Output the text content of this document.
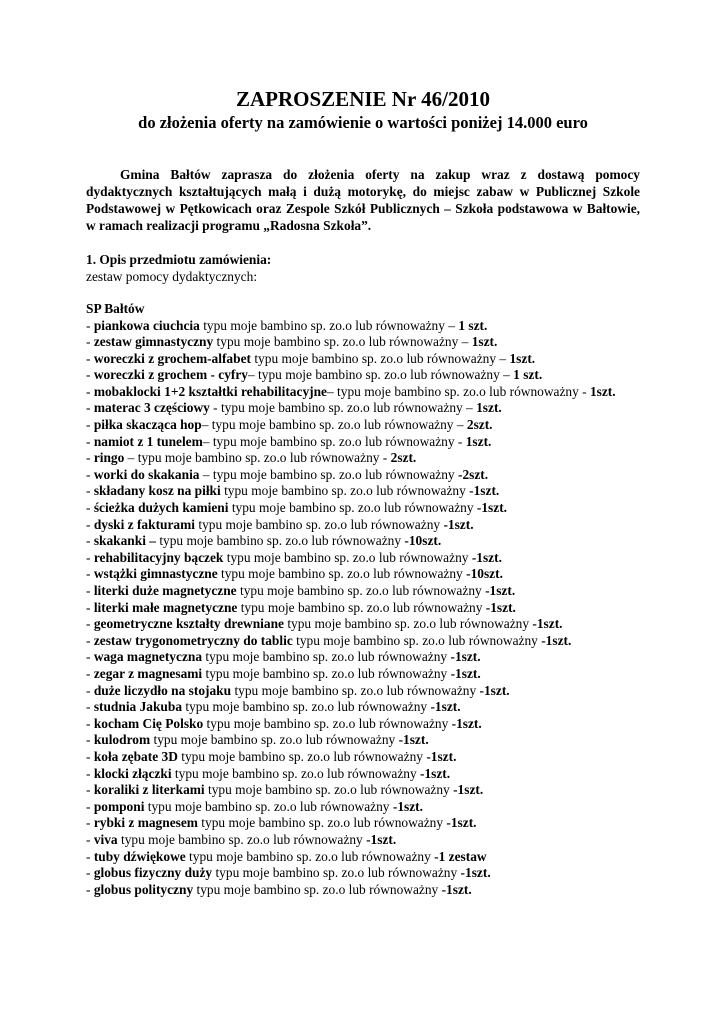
ZAPROSZENIE Nr 46/2010
do złożenia oferty na zamówienie o wartości poniżej 14.000 euro
Gmina Bałtów zaprasza do złożenia oferty na zakup wraz z dostawą pomocy dydaktycznych kształtujących małą i dużą motorykę, do miejsc zabaw w Publicznej Szkole Podstawowej w Pętkowicach oraz Zespole Szkół Publicznych – Szkoła podstawowa w Bałtowie, w ramach realizacji programu „Radosna Szkoła”.
1. Opis przedmiotu zamówienia:
zestaw pomocy dydaktycznych:
SP Bałtów
- piankowa ciuchcia typu moje bambino sp. zo.o lub równoważny – 1 szt.
- zestaw gimnastyczny typu moje bambino sp. zo.o lub równoważny – 1szt.
- woreczki z grochem-alfabet typu moje bambino sp. zo.o lub równoważny – 1szt.
- woreczki z grochem - cyfry– typu moje bambino sp. zo.o lub równoważny – 1 szt.
- mobaklocki 1+2 kształtki rehabilitacyjne– typu moje bambino sp. zo.o lub równoważny - 1szt.
- materac 3 częściowy - typu moje bambino sp. zo.o lub równoważny – 1szt.
- piłka skacząca hop– typu moje bambino sp. zo.o lub równoważny – 2szt.
- namiot z 1 tunelem– typu moje bambino sp. zo.o lub równoważny - 1szt.
- ringo – typu moje bambino sp. zo.o lub równoważny - 2szt.
- worki do skakania – typu moje bambino sp. zo.o lub równoważny -2szt.
- składany kosz na piłki typu moje bambino sp. zo.o lub równoważny -1szt.
- ścieżka dużych kamieni typu moje bambino sp. zo.o lub równoważny -1szt.
- dyski z fakturami typu moje bambino sp. zo.o lub równoważny -1szt.
- skakanki – typu moje bambino sp. zo.o lub równoważny -10szt.
- rehabilitacyjny bączek typu moje bambino sp. zo.o lub równoważny -1szt.
- wstążki gimnastyczne typu moje bambino sp. zo.o lub równoważny -10szt.
- literki duże magnetyczne typu moje bambino sp. zo.o lub równoważny -1szt.
- literki małe magnetyczne typu moje bambino sp. zo.o lub równoważny -1szt.
- geometryczne kształty drewniane typu moje bambino sp. zo.o lub równoważny -1szt.
- zestaw trygonometryczny do tablic typu moje bambino sp. zo.o lub równoważny -1szt.
- waga magnetyczna typu moje bambino sp. zo.o lub równoważny -1szt.
- zegar z magnesami typu moje bambino sp. zo.o lub równoważny -1szt.
- duże liczydło na stojaku typu moje bambino sp. zo.o lub równoważny -1szt.
- studnia Jakuba typu moje bambino sp. zo.o lub równoważny -1szt.
- kocham Cię Polsko typu moje bambino sp. zo.o lub równoważny -1szt.
- kulodrom typu moje bambino sp. zo.o lub równoważny -1szt.
- koła zębate 3D typu moje bambino sp. zo.o lub równoważny -1szt.
- klocki złączki typu moje bambino sp. zo.o lub równoważny -1szt.
- koraliki z literkami typu moje bambino sp. zo.o lub równoważny -1szt.
- pomponi typu moje bambino sp. zo.o lub równoważny -1szt.
- rybki z magnesem typu moje bambino sp. zo.o lub równoważny -1szt.
- viva typu moje bambino sp. zo.o lub równoważny -1szt.
- tuby dźwiękowe typu moje bambino sp. zo.o lub równoważny -1 zestaw
- globus fizyczny duży typu moje bambino sp. zo.o lub równoważny -1szt.
- globus polityczny typu moje bambino sp. zo.o lub równoważny -1szt.
